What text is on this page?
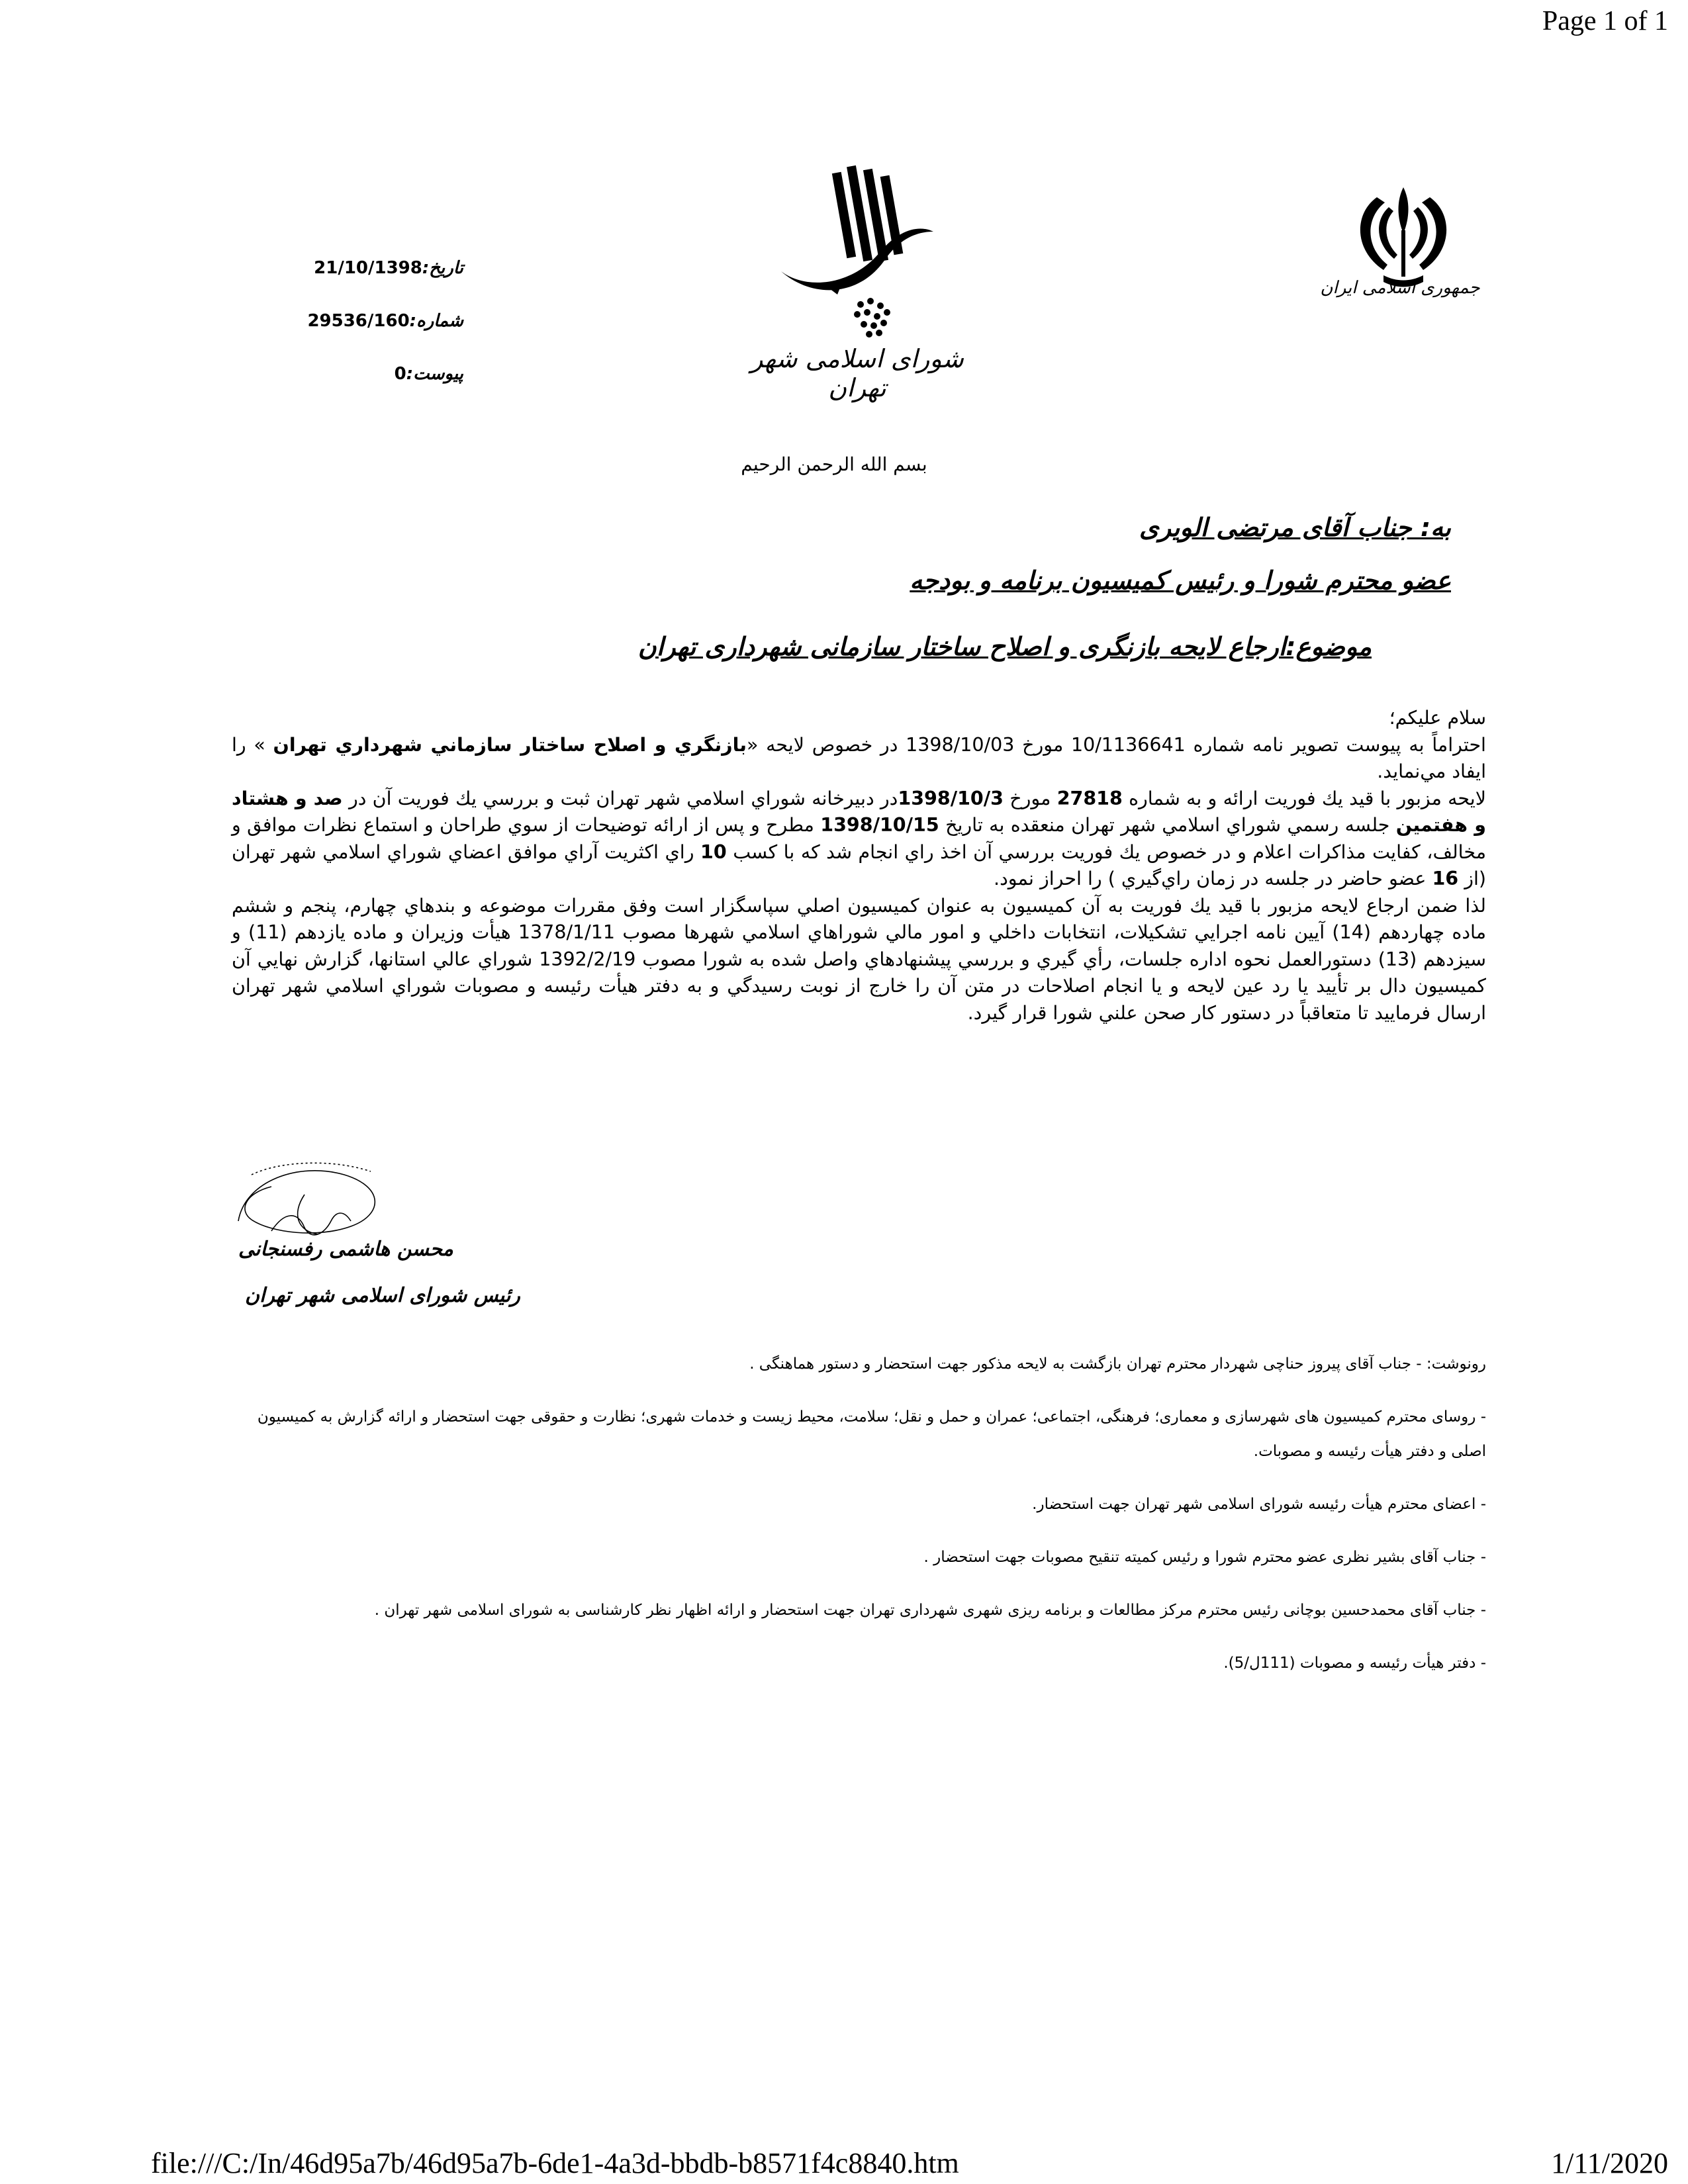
Page 1 of 1
جمهوری اسلامی ایران
شورای اسلامی شهر تهران
تاریخ:21/10/1398
شماره:29536/160
پیوست:0
بسم الله الرحمن الرحيم
به: جناب آقای مرتضی الویری
عضو محترم شورا و رئیس کمیسیون برنامه و بودجه
موضوع:ارجاع لایحه بازنگری و اصلاح ساختار سازمانی شهرداری تهران

سلام عليكم؛

احتراماً به پيوست تصوير نامه شماره 10/1136641 مورخ 1398/10/03 در خصوص لايحه «بازنگري و اصلاح ساختار سازماني شهرداري تهران » را ايفاد مي‌نمايد.

لايحه مزبور با قيد يك فوريت ارائه و به شماره 27818 مورخ 1398/10/3در دبيرخانه شوراي اسلامي شهر تهران ثبت و بررسي يك فوريت آن در صد و هشتاد و هفتمين جلسه رسمي شوراي اسلامي شهر تهران منعقده به تاريخ 1398/10/15 مطرح و پس از ارائه توضيحات از سوي طراحان و استماع نظرات موافق و مخالف، كفايت مذاكرات اعلام و در خصوص يك فوريت بررسي آن اخذ راي انجام شد كه با كسب 10 راي اكثريت آراي موافق اعضاي شوراي اسلامي شهر تهران (از 16 عضو حاضر در جلسه در زمان راي‌گيري ) را احراز نمود.

لذا ضمن ارجاع لايحه مزبور با قيد يك فوريت به آن كميسيون به عنوان كميسيون اصلي سپاسگزار است وفق مقررات موضوعه و بندهاي چهارم، پنجم و ششم ماده چهاردهم (14) آيين نامه اجرايي تشكيلات، انتخابات داخلي و امور مالي شوراهاي اسلامي شهرها مصوب 1378/1/11 هيأت وزيران و ماده يازدهم (11) و سيزدهم (13) دستورالعمل نحوه اداره جلسات، رأي گيري و بررسي پيشنهادهاي واصل شده به شورا مصوب 1392/2/19 شوراي عالي استانها، گزارش نهايي آن كميسيون دال بر تأييد يا رد عين لايحه و يا انجام اصلاحات در متن آن را خارج از نوبت رسيدگي و به دفتر هيأت رئيسه و مصوبات شوراي اسلامي شهر تهران ارسال فرماييد تا متعاقباً در دستور كار صحن علني شورا قرار گيرد.

محسن هاشمی رفسنجانی
رئیس شورای اسلامی شهر تهران

رونوشت: - جناب آقای پیروز حناچی شهردار محترم تهران بازگشت به لایحه مذکور جهت استحضار و دستور هماهنگی .

- روسای محترم کمیسیون های شهرسازی و معماری؛ فرهنگی، اجتماعی؛ عمران و حمل و نقل؛ سلامت، محیط زیست و خدمات شهری؛ نظارت و حقوقی جهت استحضار و ارائه گزارش به کمیسیون اصلی و دفتر هیأت رئیسه و مصوبات.

- اعضای محترم هیأت رئیسه شورای اسلامی شهر تهران جهت استحضار.

- جناب آقای بشیر نظری عضو محترم شورا و رئیس کمیته تنقیح مصوبات جهت استحضار .

- جناب آقای محمدحسین بوچانی رئیس محترم مرکز مطالعات و برنامه ریزی شهری شهرداری تهران جهت استحضار و ارائه اظهار نظر کارشناسی به شورای اسلامی شهر تهران .

- دفتر هیأت رئیسه و مصوبات (111ل/5).

file:///C:/In/46d95a7b/46d95a7b-6de1-4a3d-bbdb-b8571f4c8840.htm	1/11/2020
